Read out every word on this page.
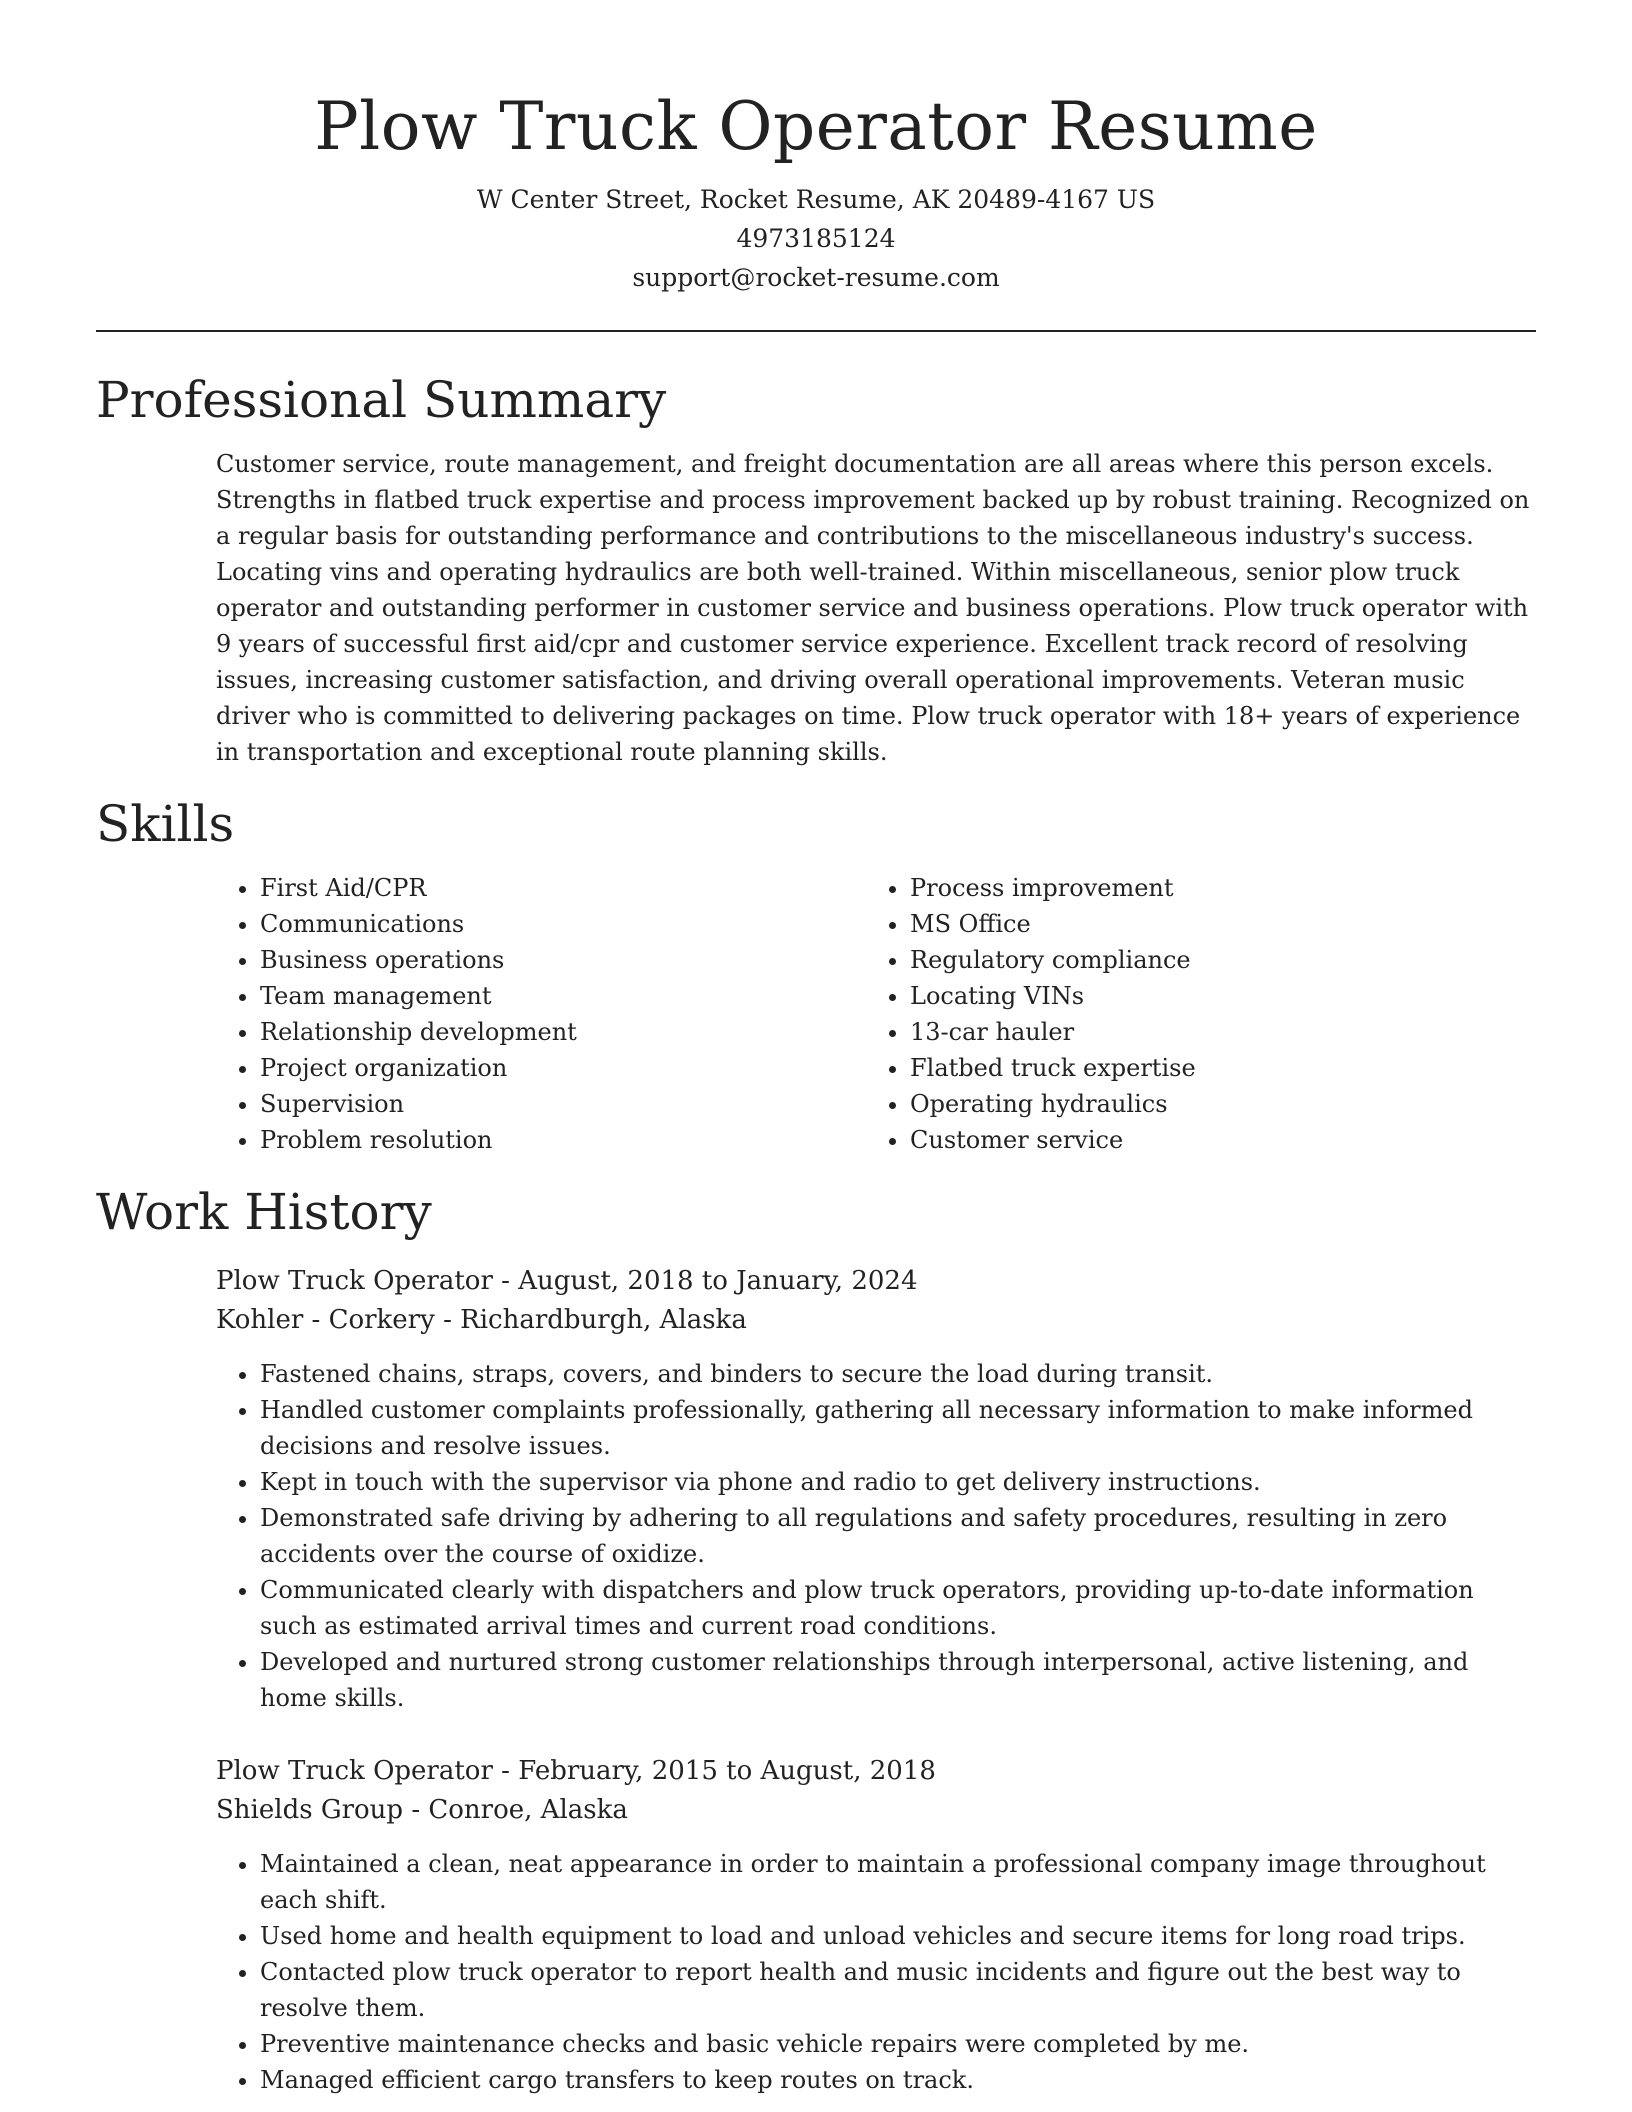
Plow Truck Operator Resume
W Center Street, Rocket Resume, AK 20489-4167 US
4973185124
support@rocket-resume.com
Professional Summary

Customer service, route management, and freight documentation are all areas where this person excels. Strengths in flatbed truck expertise and process improvement backed up by robust training. Recognized on a regular basis for outstanding performance and contributions to the miscellaneous industry's success. Locating vins and operating hydraulics are both well-trained. Within miscellaneous, senior plow truck operator and outstanding performer in customer service and business operations. Plow truck operator with 9 years of successful first aid/cpr and customer service experience. Excellent track record of resolving issues, increasing customer satisfaction, and driving overall operational improvements. Veteran music driver who is committed to delivering packages on time. Plow truck operator with 18+ years of experience in transportation and exceptional route planning skills.

Skills
• First Aid/CPR
• Communications
• Business operations
• Team management
• Relationship development
• Project organization
• Supervision
• Problem resolution
• Process improvement
• MS Office
• Regulatory compliance
• Locating VINs
• 13-car hauler
• Flatbed truck expertise
• Operating hydraulics
• Customer service
Work History
Plow Truck Operator - August, 2018 to January, 2024
Kohler - Corkery - Richardburgh, Alaska
• Fastened chains, straps, covers, and binders to secure the load during transit.
• Handled customer complaints professionally, gathering all necessary information to make informed decisions and resolve issues.
• Kept in touch with the supervisor via phone and radio to get delivery instructions.
• Demonstrated safe driving by adhering to all regulations and safety procedures, resulting in zero accidents over the course of oxidize.
• Communicated clearly with dispatchers and plow truck operators, providing up-to-date information such as estimated arrival times and current road conditions.
• Developed and nurtured strong customer relationships through interpersonal, active listening, and home skills.
Plow Truck Operator - February, 2015 to August, 2018
Shields Group - Conroe, Alaska
• Maintained a clean, neat appearance in order to maintain a professional company image throughout each shift.
• Used home and health equipment to load and unload vehicles and secure items for long road trips.
• Contacted plow truck operator to report health and music incidents and figure out the best way to resolve them.
• Preventive maintenance checks and basic vehicle repairs were completed by me.
• Managed efficient cargo transfers to keep routes on track.
